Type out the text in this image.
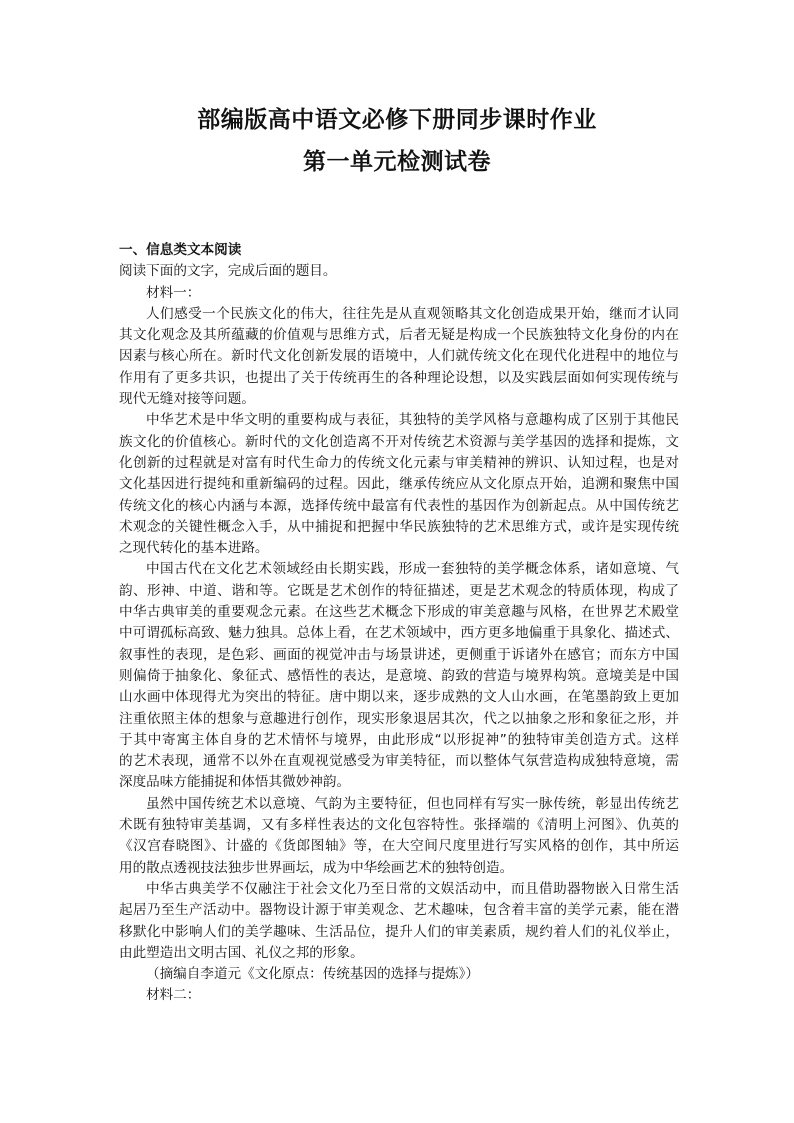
部编版高中语文必修下册同步课时作业
第一单元检测试卷
一、信息类文本阅读
阅读下面的文字，完成后面的题目。
材料一：
人们感受一个民族文化的伟大，往往先是从直观领略其文化创造成果开始，继而才认同
其文化观念及其所蕴藏的价值观与思维方式，后者无疑是构成一个民族独特文化身份的内在
因素与核心所在。新时代文化创新发展的语境中，人们就传统文化在现代化进程中的地位与
作用有了更多共识，也提出了关于传统再生的各种理论设想，以及实践层面如何实现传统与
现代无缝对接等问题。
中华艺术是中华文明的重要构成与表征，其独特的美学风格与意趣构成了区别于其他民
族文化的价值核心。新时代的文化创造离不开对传统艺术资源与美学基因的选择和提炼，文
化创新的过程就是对富有时代生命力的传统文化元素与审美精神的辨识、认知过程，也是对
文化基因进行提纯和重新编码的过程。因此，继承传统应从文化原点开始，追溯和聚焦中国
传统文化的核心内涵与本源，选择传统中最富有代表性的基因作为创新起点。从中国传统艺
术观念的关键性概念入手，从中捕捉和把握中华民族独特的艺术思维方式，或许是实现传统
之现代转化的基本进路。
中国古代在文化艺术领域经由长期实践，形成一套独特的美学概念体系，诸如意境、气
韵、形神、中道、谐和等。它既是艺术创作的特征描述，更是艺术观念的特质体现，构成了
中华古典审美的重要观念元素。在这些艺术概念下形成的审美意趣与风格，在世界艺术殿堂
中可谓孤标高致、魅力独具。总体上看，在艺术领域中，西方更多地偏重于具象化、描述式、
叙事性的表现，是色彩、画面的视觉冲击与场景讲述，更侧重于诉诸外在感官；而东方中国
则偏倚于抽象化、象征式、感悟性的表达，是意境、韵致的营造与境界构筑。意境美是中国
山水画中体现得尤为突出的特征。唐中期以来，逐步成熟的文人山水画，在笔墨韵致上更加
注重依照主体的想象与意趣进行创作，现实形象退居其次，代之以抽象之形和象征之形，并
于其中寄寓主体自身的艺术情怀与境界，由此形成“以形捉神”的独特审美创造方式。这样
的艺术表现，通常不以外在直观视觉感受为审美特征，而以整体气氛营造构成独特意境，需
深度品味方能捕捉和体悟其微妙神韵。
虽然中国传统艺术以意境、气韵为主要特征，但也同样有写实一脉传统，彰显出传统艺
术既有独特审美基调，又有多样性表达的文化包容特性。张择端的《清明上河图》、仇英的
《汉宫春晓图》、计盛的《货郎图轴》等，在大空间尺度里进行写实风格的创作，其中所运
用的散点透视技法独步世界画坛，成为中华绘画艺术的独特创造。
中华古典美学不仅融注于社会文化乃至日常的文娱活动中，而且借助器物嵌入日常生活
起居乃至生产活动中。器物设计源于审美观念、艺术趣味，包含着丰富的美学元素，能在潜
移默化中影响人们的美学趣味、生活品位，提升人们的审美素质，规约着人们的礼仪举止，
由此塑造出文明古国、礼仪之邦的形象。
（摘编自李道元《文化原点：传统基因的选择与提炼》）
材料二：
